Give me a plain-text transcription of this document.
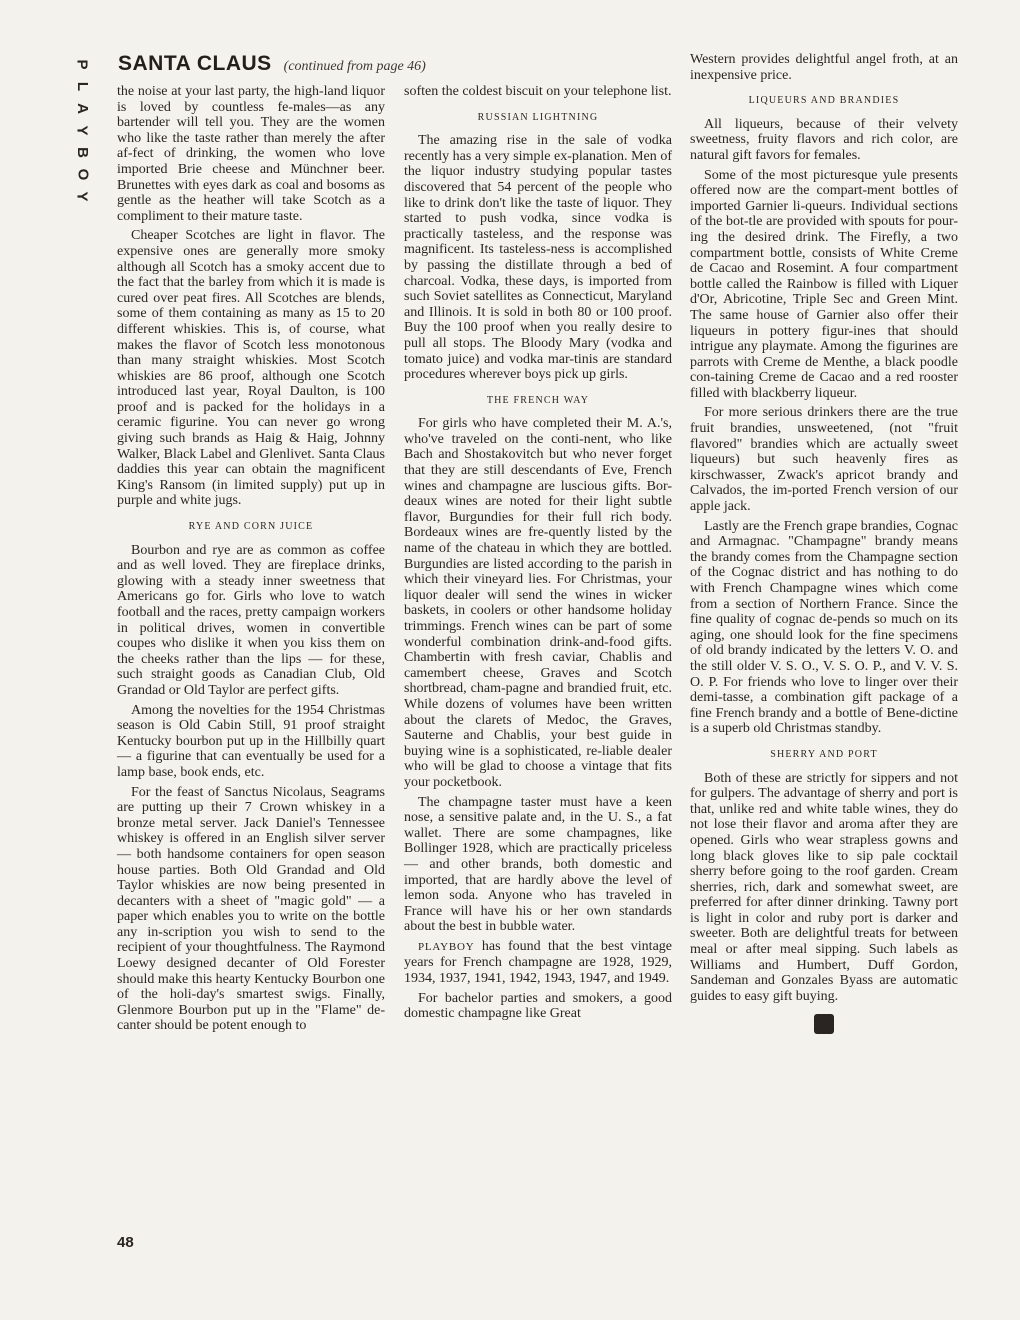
P
L
A
Y
B
O
Y
SANTA CLAUS (continued from page 46)

the noise at your last party, the high-land liquor is loved by countless fe-males—as any bartender will tell you. They are the women who like the taste rather than merely the after af-fect of drinking, the women who love imported Brie cheese and Münchner beer. Brunettes with eyes dark as coal and bosoms as gentle as the heather will take Scotch as a compliment to their mature taste.

Cheaper Scotches are light in flavor. The expensive ones are generally more smoky although all Scotch has a smoky accent due to the fact that the barley from which it is made is cured over peat fires. All Scotches are blends, some of them containing as many as 15 to 20 different whiskies. This is, of course, what makes the flavor of Scotch less monotonous than many straight whiskies. Most Scotch whiskies are 86 proof, although one Scotch introduced last year, Royal Daulton, is 100 proof and is packed for the holidays in a ceramic figurine. You can never go wrong giving such brands as Haig & Haig, Johnny Walker, Black Label and Glenlivet. Santa Claus daddies this year can obtain the magnificent King's Ransom (in limited supply) put up in purple and white jugs.

RYE AND CORN JUICE

Bourbon and rye are as common as coffee and as well loved. They are fireplace drinks, glowing with a steady inner sweetness that Americans go for. Girls who love to watch football and the races, pretty campaign workers in political drives, women in convertible coupes who dislike it when you kiss them on the cheeks rather than the lips — for these, such straight goods as Canadian Club, Old Grandad or Old Taylor are perfect gifts.

Among the novelties for the 1954 Christmas season is Old Cabin Still, 91 proof straight Kentucky bourbon put up in the Hillbilly quart — a figurine that can eventually be used for a lamp base, book ends, etc.

For the feast of Sanctus Nicolaus, Seagrams are putting up their 7 Crown whiskey in a bronze metal server. Jack Daniel's Tennessee whiskey is offered in an English silver server — both handsome containers for open season house parties. Both Old Grandad and Old Taylor whiskies are now being presented in decanters with a sheet of "magic gold" — a paper which enables you to write on the bottle any in-scription you wish to send to the recipient of your thoughtfulness. The Raymond Loewy designed decanter of Old Forester should make this hearty Kentucky Bourbon one of the holi-day's smartest swigs. Finally, Glenmore Bourbon put up in the "Flame" de-canter should be potent enough to

soften the coldest biscuit on your telephone list.

RUSSIAN LIGHTNING

The amazing rise in the sale of vodka recently has a very simple ex-planation. Men of the liquor industry studying popular tastes discovered that 54 percent of the people who like to drink don't like the taste of liquor. They started to push vodka, since vodka is practically tasteless, and the response was magnificent. Its tasteless-ness is accomplished by passing the distillate through a bed of charcoal. Vodka, these days, is imported from such Soviet satellites as Connecticut, Maryland and Illinois. It is sold in both 80 or 100 proof. Buy the 100 proof when you really desire to pull all stops. The Bloody Mary (vodka and tomato juice) and vodka mar-tinis are standard procedures wherever boys pick up girls.

THE FRENCH WAY

For girls who have completed their M. A.'s, who've traveled on the conti-nent, who like Bach and Shostakovitch but who never forget that they are still descendants of Eve, French wines and champagne are luscious gifts. Bor-deaux wines are noted for their light subtle flavor, Burgundies for their full rich body. Bordeaux wines are fre-quently listed by the name of the chateau in which they are bottled. Burgundies are listed according to the parish in which their vineyard lies. For Christmas, your liquor dealer will send the wines in wicker baskets, in coolers or other handsome holiday trimmings. French wines can be part of some wonderful combination drink-and-food gifts. Chambertin with fresh caviar, Chablis and camembert cheese, Graves and Scotch shortbread, cham-pagne and brandied fruit, etc. While dozens of volumes have been written about the clarets of Medoc, the Graves, Sauterne and Chablis, your best guide in buying wine is a sophisticated, re-liable dealer who will be glad to choose a vintage that fits your pocketbook.

The champagne taster must have a keen nose, a sensitive palate and, in the U. S., a fat wallet. There are some champagnes, like Bollinger 1928, which are practically priceless — and other brands, both domestic and imported, that are hardly above the level of lemon soda. Anyone who has traveled in France will have his or her own standards about the best in bubble water.

PLAYBOY has found that the best vintage years for French champagne are 1928, 1929, 1934, 1937, 1941, 1942, 1943, 1947, and 1949.

For bachelor parties and smokers, a good domestic champagne like Great

Western provides delightful angel froth, at an inexpensive price.

LIQUEURS AND BRANDIES

All liqueurs, because of their velvety sweetness, fruity flavors and rich color, are natural gift favors for females.

Some of the most picturesque yule presents offered now are the compart-ment bottles of imported Garnier li-queurs. Individual sections of the bot-tle are provided with spouts for pour-ing the desired drink. The Firefly, a two compartment bottle, consists of White Creme de Cacao and Rosemint. A four compartment bottle called the Rainbow is filled with Liquer d'Or, Abricotine, Triple Sec and Green Mint. The same house of Garnier also offer their liqueurs in pottery figur-ines that should intrigue any playmate. Among the figurines are parrots with Creme de Menthe, a black poodle con-taining Creme de Cacao and a red rooster filled with blackberry liqueur.

For more serious drinkers there are the true fruit brandies, unsweetened, (not "fruit flavored" brandies which are actually sweet liqueurs) but such heavenly fires as kirschwasser, Zwack's apricot brandy and Calvados, the im-ported French version of our apple jack.

Lastly are the French grape brandies, Cognac and Armagnac. "Champagne" brandy means the brandy comes from the Champagne section of the Cognac district and has nothing to do with French Champagne wines which come from a section of Northern France. Since the fine quality of cognac de-pends so much on its aging, one should look for the fine specimens of old brandy indicated by the letters V. O. and the still older V. S. O., V. S. O. P., and V. V. S. O. P. For friends who love to linger over their demi-tasse, a combination gift package of a fine French brandy and a bottle of Bene-dictine is a superb old Christmas standby.

SHERRY AND PORT

Both of these are strictly for sippers and not for gulpers. The advantage of sherry and port is that, unlike red and white table wines, they do not lose their flavor and aroma after they are opened. Girls who wear strapless gowns and long black gloves like to sip pale cocktail sherry before going to the roof garden. Cream sherries, rich, dark and somewhat sweet, are preferred for after dinner drinking. Tawny port is light in color and ruby port is darker and sweeter. Both are delightful treats for between meal or after meal sipping. Such labels as Williams and Humbert, Duff Gordon, Sandeman and Gonzales Byass are automatic guides to easy gift buying.

48
